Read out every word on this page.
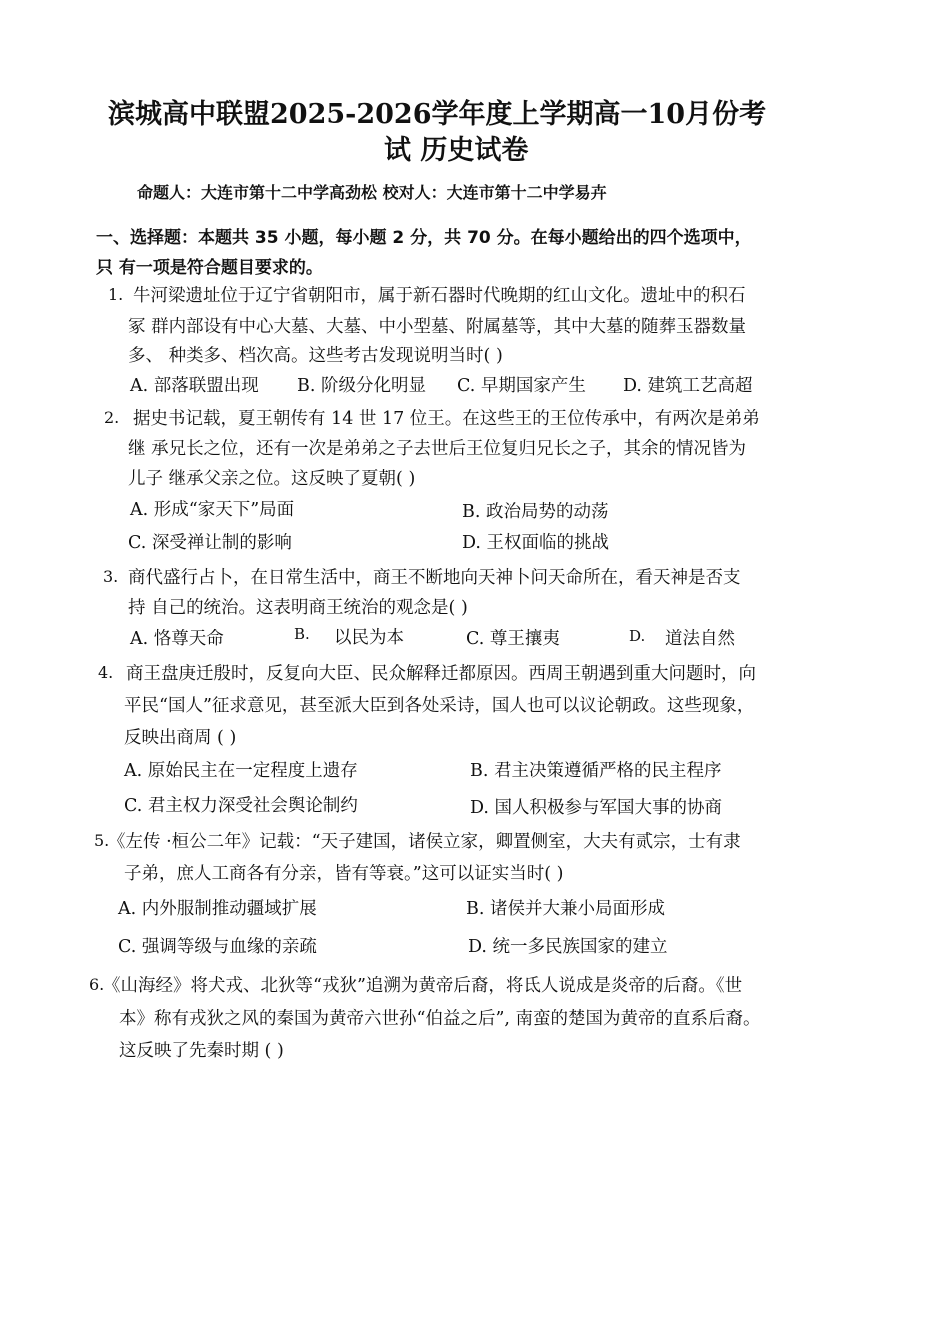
滨城高中联盟2025-2026学年度上学期高一10月份考
试 历史试卷
命题人：大连市第十二中学高劲松 校对人：大连市第十二中学易卉
一、选择题：本题共 35 小题，每小题 2 分，共 70 分。在每小题给出的四个选项中，
只 有一项是符合题目要求的。
1. 牛河梁遗址位于辽宁省朝阳市，属于新石器时代晚期的红山文化。遗址中的积石
冢 群内部设有中心大墓、大墓、中小型墓、附属墓等，其中大墓的随葬玉器数量
多、 种类多、档次高。这些考古发现说明当时( )
A. 部落联盟出现 B. 阶级分化明显 C. 早期国家产生 D. 建筑工艺高超
2. 据史书记载，夏王朝传有 14 世 17 位王。在这些王的王位传承中，有两次是弟弟
继 承兄长之位，还有一次是弟弟之子去世后王位复归兄长之子，其余的情况皆为
儿子 继承父亲之位。这反映了夏朝( )
A. 形成“家天下”局面	B. 政治局势的动荡
C. 深受禅让制的影响	D. 王权面临的挑战
3. 商代盛行占卜，在日常生活中，商王不断地向天神卜问天命所在，看天神是否支
持 自己的统治。这表明商王统治的观念是( )
A. 恪尊天命	B. 以民为本	C. 尊王攘夷	D. 道法自然
4. 商王盘庚迁殷时，反复向大臣、民众解释迁都原因。西周王朝遇到重大问题时，向
平民“国人”征求意见，甚至派大臣到各处采诗，国人也可以议论朝政。这些现象，
反映出商周 ( )
A. 原始民主在一定程度上遗存	B. 君主决策遵循严格的民主程序
C. 君主权力深受社会舆论制约	D. 国人积极参与军国大事的协商
5.
《左传 ·桓公二年》记载：“天子建国，诸侯立家，卿置侧室，大夫有贰宗，士有隶
子弟，庶人工商各有分亲，皆有等衰。”这可以证实当时( )
A. 内外服制推动疆域扩展	B. 诸侯并大兼小局面形成
C. 强调等级与血缘的亲疏	D. 统一多民族国家的建立
6.
《山海经》将犬戎、北狄等“戎狄”追溯为黄帝后裔，将氐人说成是炎帝的后裔。《世
本》称有戎狄之风的秦国为黄帝六世孙“伯益之后”, 南蛮的楚国为黄帝的直系后裔。
这反映了先秦时期 ( )
